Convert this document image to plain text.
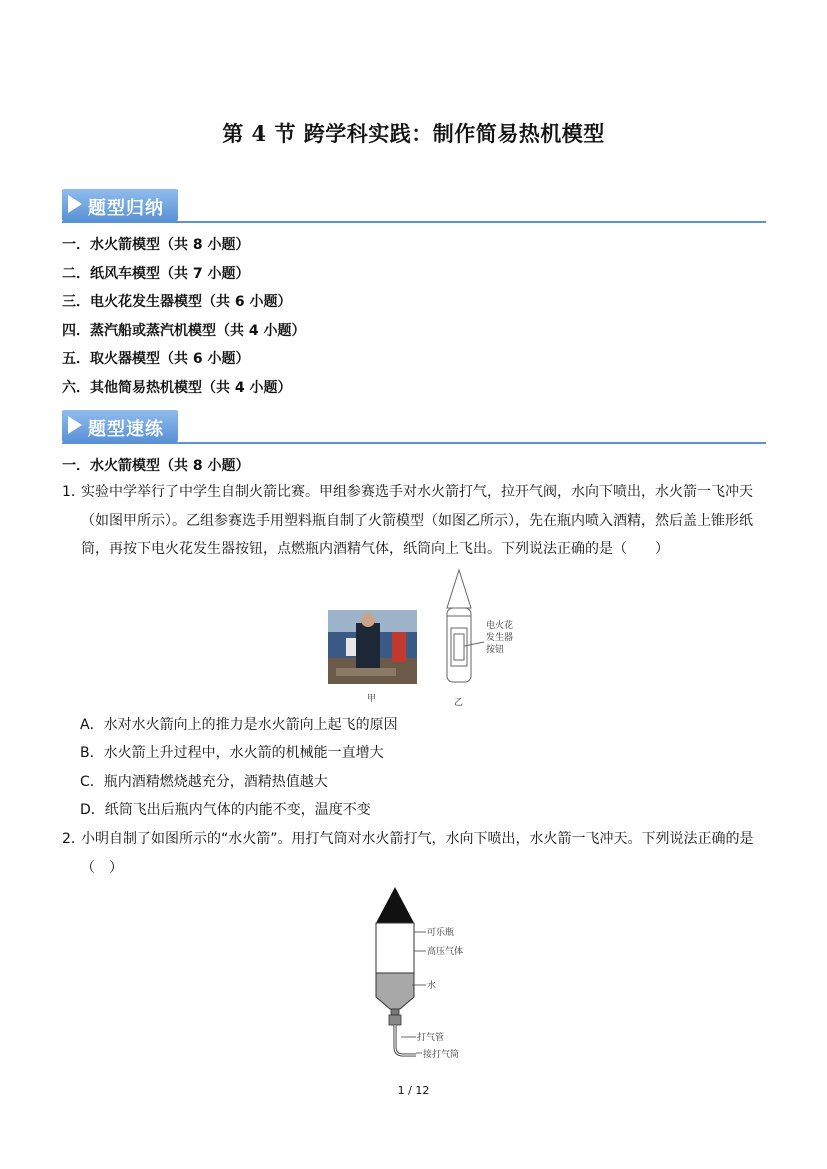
第 4 节 跨学科实践：制作简易热机模型
题型归纳
一．水火箭模型（共 8 小题）
二．纸风车模型（共 7 小题）
三．电火花发生器模型（共 6 小题）
四．蒸汽船或蒸汽机模型（共 4 小题）
五．取火器模型（共 6 小题）
六．其他简易热机模型（共 4 小题）
题型速练
一．水火箭模型（共 8 小题）
1．
实验中学举行了中学生自制火箭比赛。甲组参赛选手对水火箭打气，拉开气阀，水向下喷出，水火箭一飞冲天（如图甲所示）。乙组参赛选手用塑料瓶自制了火箭模型（如图乙所示），先在瓶内喷入酒精，然后盖上锥形纸筒，再按下电火花发生器按钮，点燃瓶内酒精气体，纸筒向上飞出。下列说法正确的是（　　）
甲
电火花
发生器
按钮
乙
A．水对水火箭向上的推力是水火箭向上起飞的原因
B．水火箭上升过程中，水火箭的机械能一直增大
C．瓶内酒精燃烧越充分，酒精热值越大
D．纸筒飞出后瓶内气体的内能不变，温度不变
2．
小明自制了如图所示的“水火箭”。用打气筒对水火箭打气，水向下喷出，水火箭一飞冲天。下列说法正确的是（　）
可乐瓶
高压气体
水
打气管
接打气筒
1 / 12
